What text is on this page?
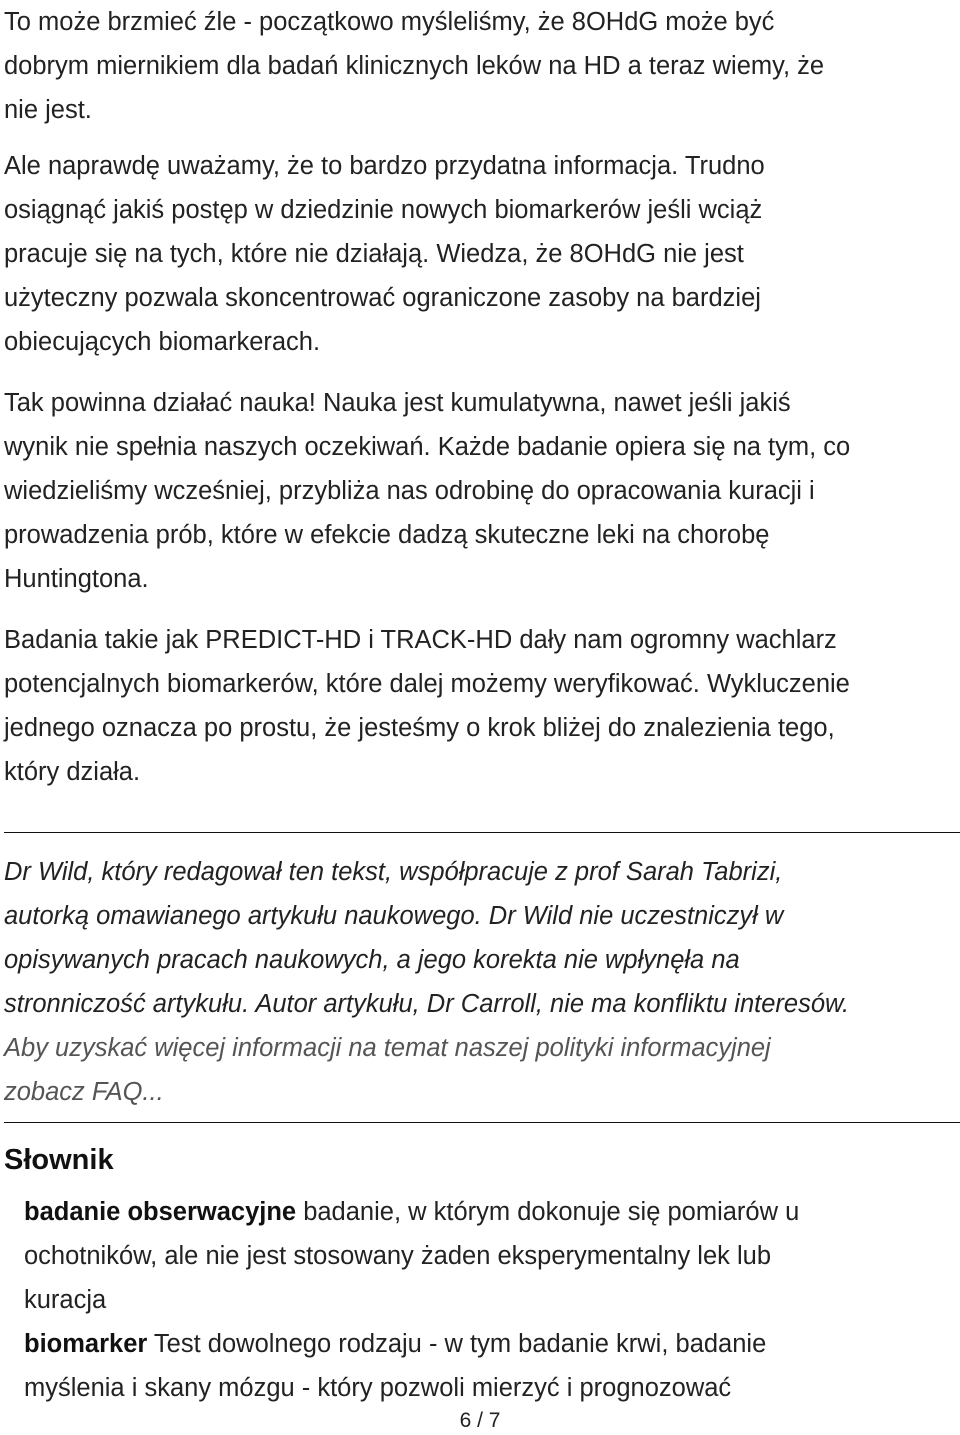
To może brzmieć źle - początkowo myśleliśmy, że 8OHdG może być
dobrym miernikiem dla badań klinicznych leków na HD a teraz wiemy, że
nie jest.

Ale naprawdę uważamy, że to bardzo przydatna informacja. Trudno
osiągnąć jakiś postęp w dziedzinie nowych biomarkerów jeśli wciąż
pracuje się na tych, które nie działają. Wiedza, że 8OHdG nie jest
użyteczny pozwala skoncentrować ograniczone zasoby na bardziej
obiecujących biomarkerach.

Tak powinna działać nauka! Nauka jest kumulatywna, nawet jeśli jakiś
wynik nie spełnia naszych oczekiwań. Każde badanie opiera się na tym, co
wiedzieliśmy wcześniej, przybliża nas odrobinę do opracowania kuracji i
prowadzenia prób, które w efekcie dadzą skuteczne leki na chorobę
Huntingtona.

Badania takie jak PREDICT-HD i TRACK-HD dały nam ogromny wachlarz
potencjalnych biomarkerów, które dalej możemy weryfikować. Wykluczenie
jednego oznacza po prostu, że jesteśmy o krok bliżej do znalezienia tego,
który działa.

Dr Wild, który redagował ten tekst, współpracuje z prof Sarah Tabrizi,
autorką omawianego artykułu naukowego. Dr Wild nie uczestniczył w
opisywanych pracach naukowych, a jego korekta nie wpłynęła na
stronniczość artykułu. Autor artykułu, Dr Carroll, nie ma konfliktu interesów.
Aby uzyskać więcej informacji na temat naszej polityki informacyjnej
zobacz FAQ...
Słownik
badanie obserwacyjne badanie, w którym dokonuje się pomiarów u
ochotników, ale nie jest stosowany żaden eksperymentalny lek lub
kuracja
biomarker Test dowolnego rodzaju - w tym badanie krwi, badanie
myślenia i skany mózgu - który pozwoli mierzyć i prognozować
6 / 7
